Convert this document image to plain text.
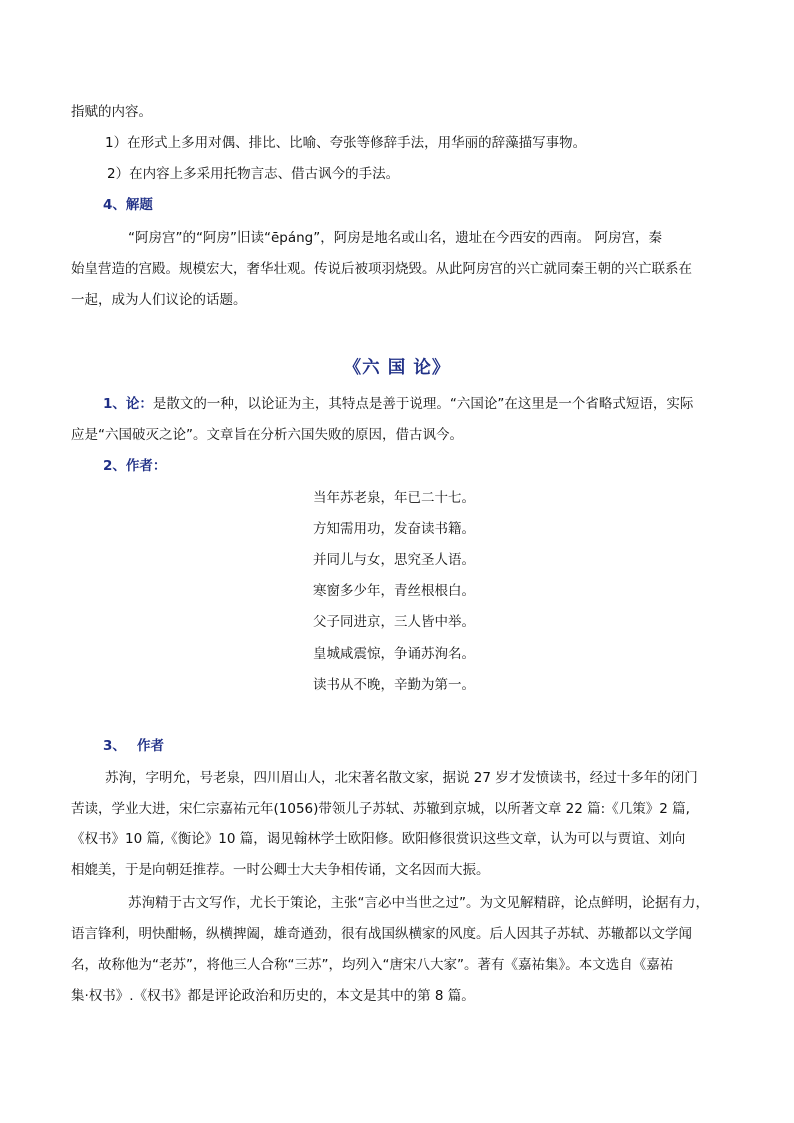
指赋的内容。
1）在形式上多用对偶、排比、比喻、夸张等修辞手法，用华丽的辞藻描写事物。
2）在内容上多采用托物言志、借古讽今的手法。
4、解题
“阿房宫”的“阿房”旧读“ēpáng”，阿房是地名或山名，遗址在今西安的西南。 阿房宫，秦
始皇营造的宫殿。规模宏大，奢华壮观。传说后被项羽烧毁。从此阿房宫的兴亡就同秦王朝的兴亡联系在
一起，成为人们议论的话题。
《六 国 论》
1、论：是散文的一种，以论证为主，其特点是善于说理。“六国论”在这里是一个省略式短语，实际
应是“六国破灭之论”。文章旨在分析六国失败的原因，借古讽今。
2、作者：
当年苏老泉，年已二十七。
方知需用功，发奋读书籍。
并同儿与女，思究圣人语。
寒窗多少年，青丝根根白。
父子同进京，三人皆中举。
皇城咸震惊，争诵苏洵名。
读书从不晚，辛勤为第一。
3、 作者
苏洵，字明允，号老泉，四川眉山人，北宋著名散文家，据说 27 岁才发愤读书，经过十多年的闭门
苦读，学业大进，宋仁宗嘉祐元年(1056)带领儿子苏轼、苏辙到京城，以所著文章 22 篇:《几策》2 篇,
《权书》10 篇,《衡论》10 篇，谒见翰林学士欧阳修。欧阳修很赏识这些文章，认为可以与贾谊、刘向
相媲美，于是向朝廷推荐。一时公卿士大夫争相传诵，文名因而大振。
苏洵精于古文写作，尤长于策论，主张“言必中当世之过”。为文见解精辟，论点鲜明，论据有力，
语言锋利，明快酣畅，纵横捭阖，雄奇遒劲，很有战国纵横家的风度。后人因其子苏轼、苏辙都以文学闻
名，故称他为“老苏”，将他三人合称“三苏”，均列入“唐宋八大家”。著有《嘉祐集》。本文选自《嘉祐
集·权书》.《权书》都是评论政治和历史的，本文是其中的第 8 篇。
